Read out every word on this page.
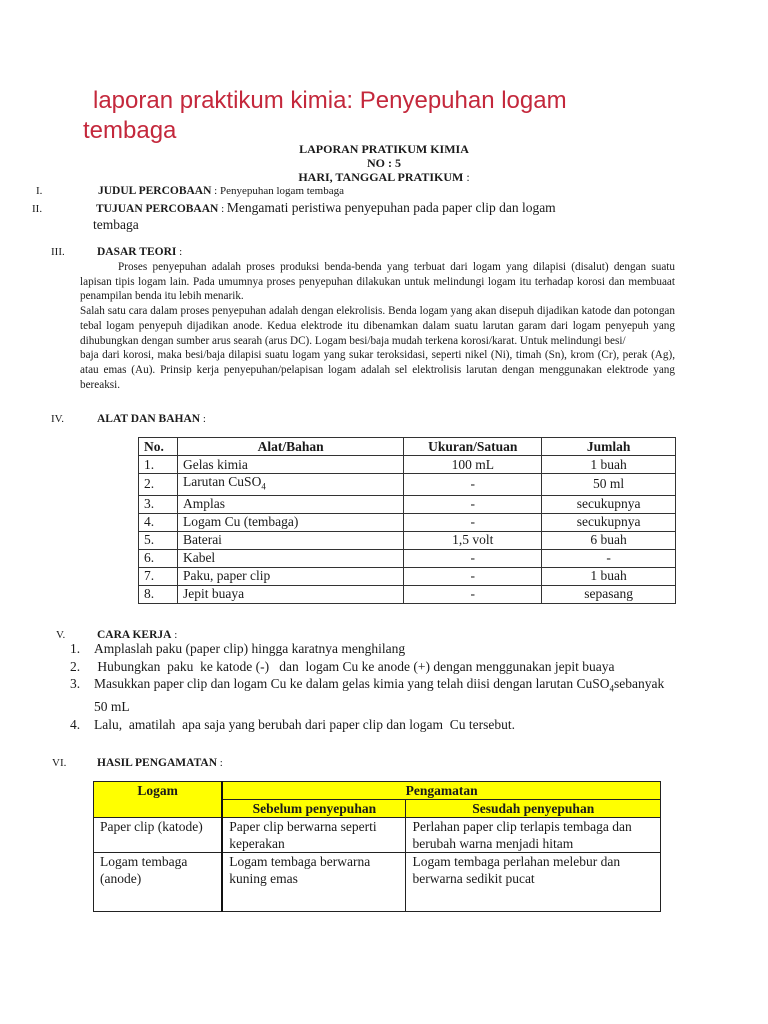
laporan praktikum kimia: Penyepuhan logam
tembaga
LAPORAN PRATIKUM KIMIA
NO : 5
HARI, TANGGAL PRATIKUM :
I.	JUDUL PERCOBAAN : Penyepuhan logam tembaga
II.	TUJUAN PERCOBAAN : Mengamati peristiwa penyepuhan pada paper clip dan logam
tembaga
III.	DASAR TEORI :

Proses penyepuhan adalah proses produksi benda-benda yang terbuat dari logam yang dilapisi (disalut) dengan suatu lapisan tipis logam lain. Pada umumnya proses penyepuhan dilakukan untuk melindungi logam itu terhadap korosi dan membuaat penampilan benda itu lebih menarik.

Salah satu cara dalam proses penyepuhan adalah dengan elekrolisis. Benda logam yang akan disepuh dijadikan katode dan potongan tebal logam penyepuh dijadikan anode. Kedua elektrode itu dibenamkan dalam suatu larutan garam dari logam penyepuh yang dihubungkan dengan sumber arus searah (arus DC). Logam besi/baja mudah terkena korosi/karat. Untuk melindungi besi/

baja dari korosi, maka besi/baja dilapisi suatu logam yang sukar teroksidasi, seperti nikel (Ni), timah (Sn), krom (Cr), perak (Ag), atau emas (Au). Prinsip kerja penyepuhan/pelapisan logam adalah sel elektrolisis larutan dengan menggunakan elektrode yang bereaksi.

IV.	ALAT DAN BAHAN :
No.	Alat/Bahan	Ukuran/Satuan	Jumlah
1.	Gelas kimia	100 mL	1 buah
2.	Larutan CuSO$_4$	-	50 ml
3.	Amplas	-	secukupnya
4.	Logam Cu (tembaga)	-	secukupnya
5.	Baterai	1,5 volt	6 buah
6.	Kabel	-	-
7.	Paku, paper clip	-	1 buah
8.	Jepit buaya	-	sepasang
V.	CARA KERJA :
1.	Amplaslah paku (paper clip) hingga karatnya menghilang
2.	Hubungkan  paku  ke katode (-)   dan  logam Cu ke anode (+) dengan menggunakan jepit buaya
3.	Masukkan paper clip dan logam Cu ke dalam gelas kimia yang telah diisi dengan larutan CuSO$_4$sebanyak 50 mL
4.	Lalu,  amatilah  apa saja yang berubah dari paper clip dan logam  Cu tersebut.
VI.	HASIL PENGAMATAN :
Logam	Pengamatan	
	Sebelum penyepuhan	Sesudah penyepuhan
Paper clip (katode)	Paper clip berwarna seperti keperakan	Perlahan paper clip terlapis tembaga dan berubah warna menjadi hitam
Logam tembaga (anode)	Logam tembaga berwarna kuning emas	Logam tembaga perlahan melebur dan berwarna sedikit pucat
